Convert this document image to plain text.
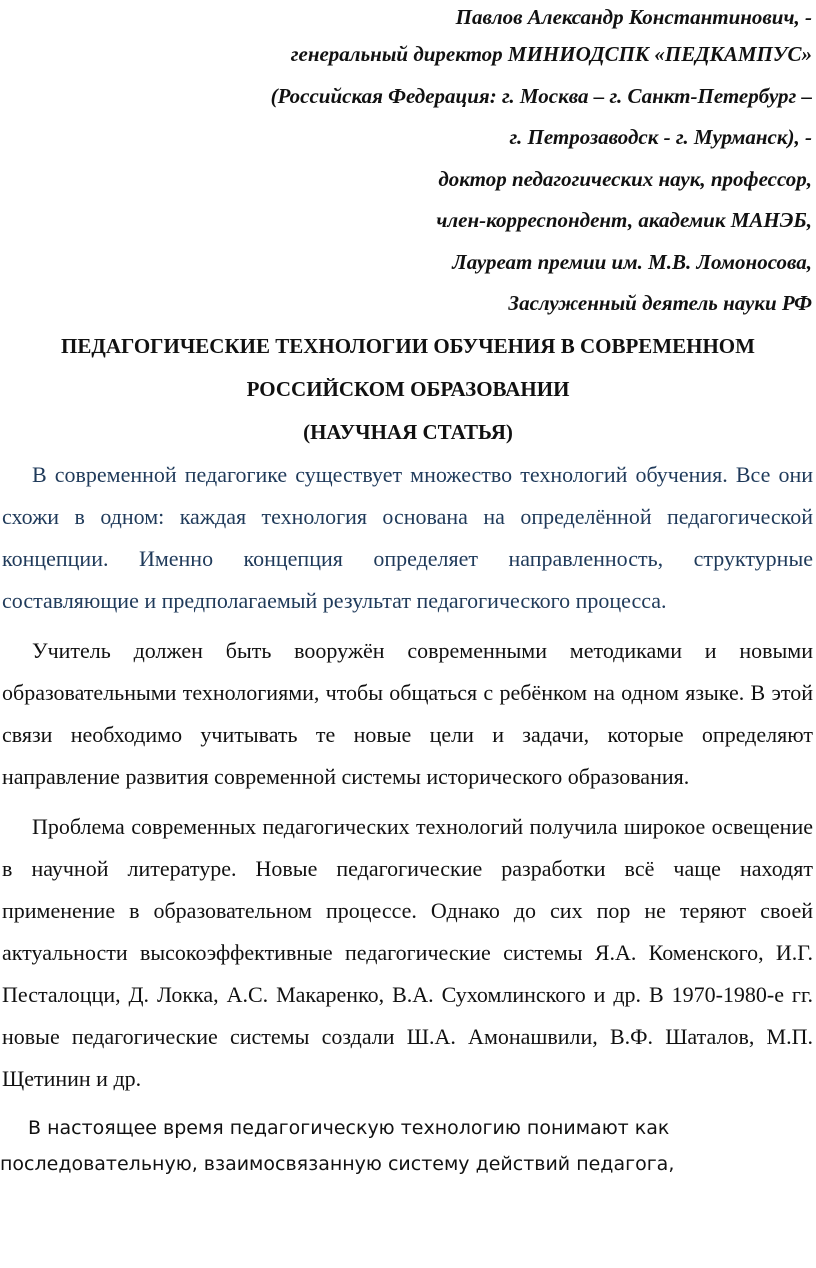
Павлов Александр Константинович, -
генеральный директор МИНИОДСПК «ПЕДКАМПУС»
(Российская Федерация: г. Москва – г. Санкт-Петербург –
г. Петрозаводск - г. Мурманск), -
доктор педагогических наук, профессор,
член-корреспондент, академик МАНЭБ,
Лауреат премии им. М.В. Ломоносова,
Заслуженный деятель науки РФ
ПЕДАГОГИЧЕСКИЕ ТЕХНОЛОГИИ ОБУЧЕНИЯ В СОВРЕМЕННОМ
РОССИЙСКОМ ОБРАЗОВАНИИ
(НАУЧНАЯ СТАТЬЯ)

В современной педагогике существует множество технологий обучения. Все они схожи в одном: каждая технология основана на определённой педагогической концепции. Именно концепция определяет направленность, структурные составляющие и предполагаемый результат педагогического процесса.

Учитель должен быть вооружён современными методиками и новыми образовательными технологиями, чтобы общаться с ребёнком на одном языке. В этой связи необходимо учитывать те новые цели и задачи, которые определяют направление развития современной системы исторического образования.

Проблема современных педагогических технологий получила широкое освещение в научной литературе. Новые педагогические разработки всё чаще находят применение в образовательном процессе. Однако до сих пор не теряют своей актуальности высокоэффективные педагогические системы Я.А. Коменского, И.Г. Песталоцци, Д. Локка, А.С. Макаренко, В.А. Сухомлинского и др. В 1970-1980-е гг. новые педагогические системы создали Ш.А. Амонашвили, В.Ф. Шаталов, М.П. Щетинин и др.

В настоящее время педагогическую технологию понимают как
последовательную, взаимосвязанную систему действий педагога,
